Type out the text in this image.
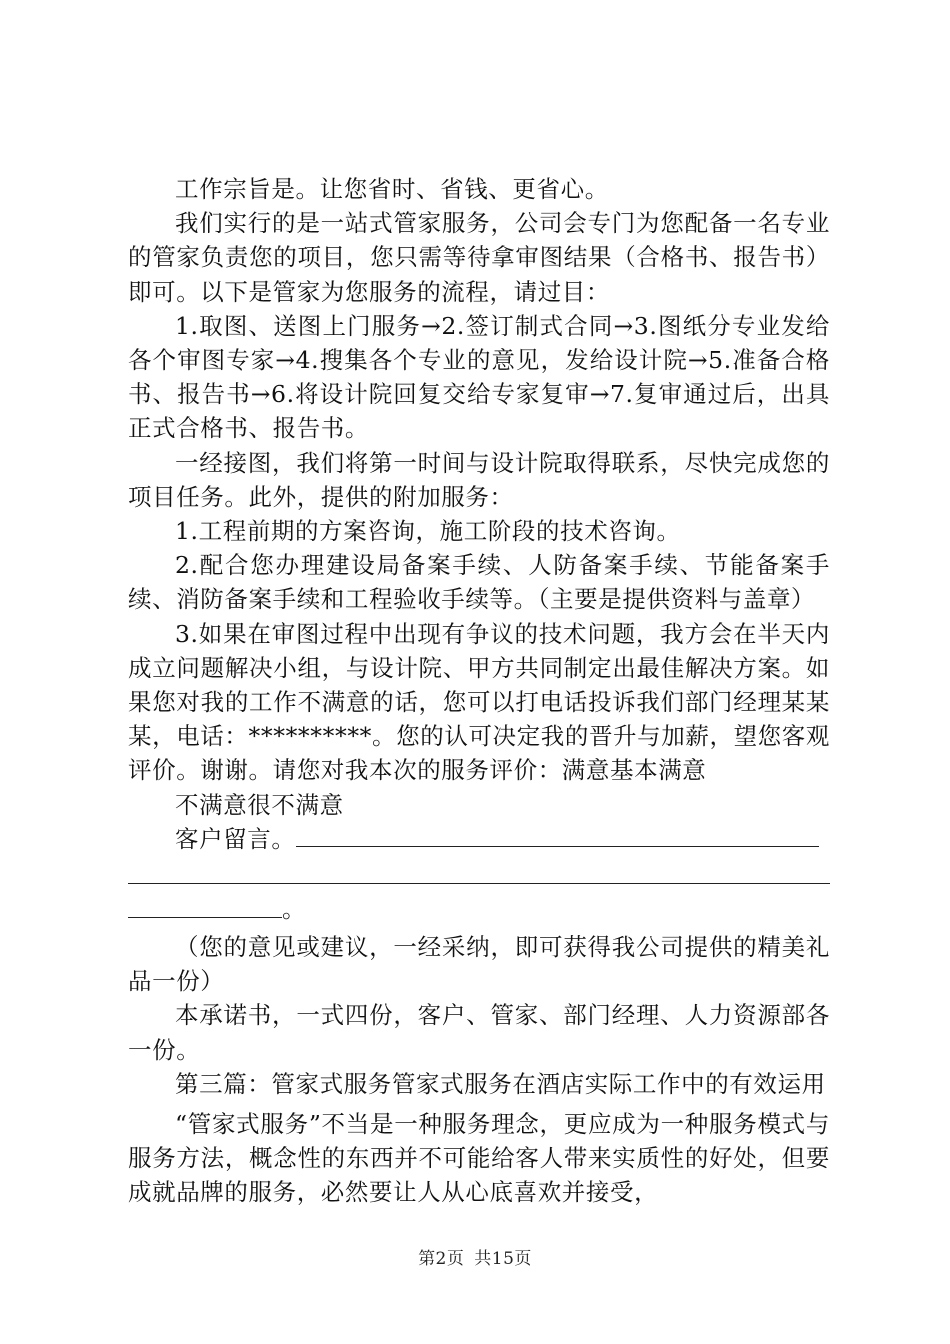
工作宗旨是。让您省时、省钱、更省心。

我们实行的是一站式管家服务，公司会专门为您配备一名专业的管家负责您的项目，您只需等待拿审图结果（合格书、报告书）即可。以下是管家为您服务的流程，请过目：

1.取图、送图上门服务→2.签订制式合同→3.图纸分专业发给各个审图专家→4.搜集各个专业的意见，发给设计院→5.准备合格书、报告书→6.将设计院回复交给专家复审→7.复审通过后，出具正式合格书、报告书。

一经接图，我们将第一时间与设计院取得联系，尽快完成您的项目任务。此外，提供的附加服务：

1.工程前期的方案咨询，施工阶段的技术咨询。

2.配合您办理建设局备案手续、人防备案手续、节能备案手续、消防备案手续和工程验收手续等。（主要是提供资料与盖章）

3.如果在审图过程中出现有争议的技术问题，我方会在半天内成立问题解决小组，与设计院、甲方共同制定出最佳解决方案。如果您对我的工作不满意的话，您可以打电话投诉我们部门经理某某某，电话：**********。您的认可决定我的晋升与加薪，望您客观评价。谢谢。请您对我本次的服务评价：满意基本满意

不满意很不满意

客户留言。

。

（您的意见或建议，一经采纳，即可获得我公司提供的精美礼品一份）

本承诺书，一式四份，客户、管家、部门经理、人力资源部各一份。

第三篇：管家式服务管家式服务在酒店实际工作中的有效运用

“管家式服务”不当是一种服务理念，更应成为一种服务模式与服务方法，概念性的东西并不可能给客人带来实质性的好处，但要成就品牌的服务，必然要让人从心底喜欢并接受，

第2页 共15页
